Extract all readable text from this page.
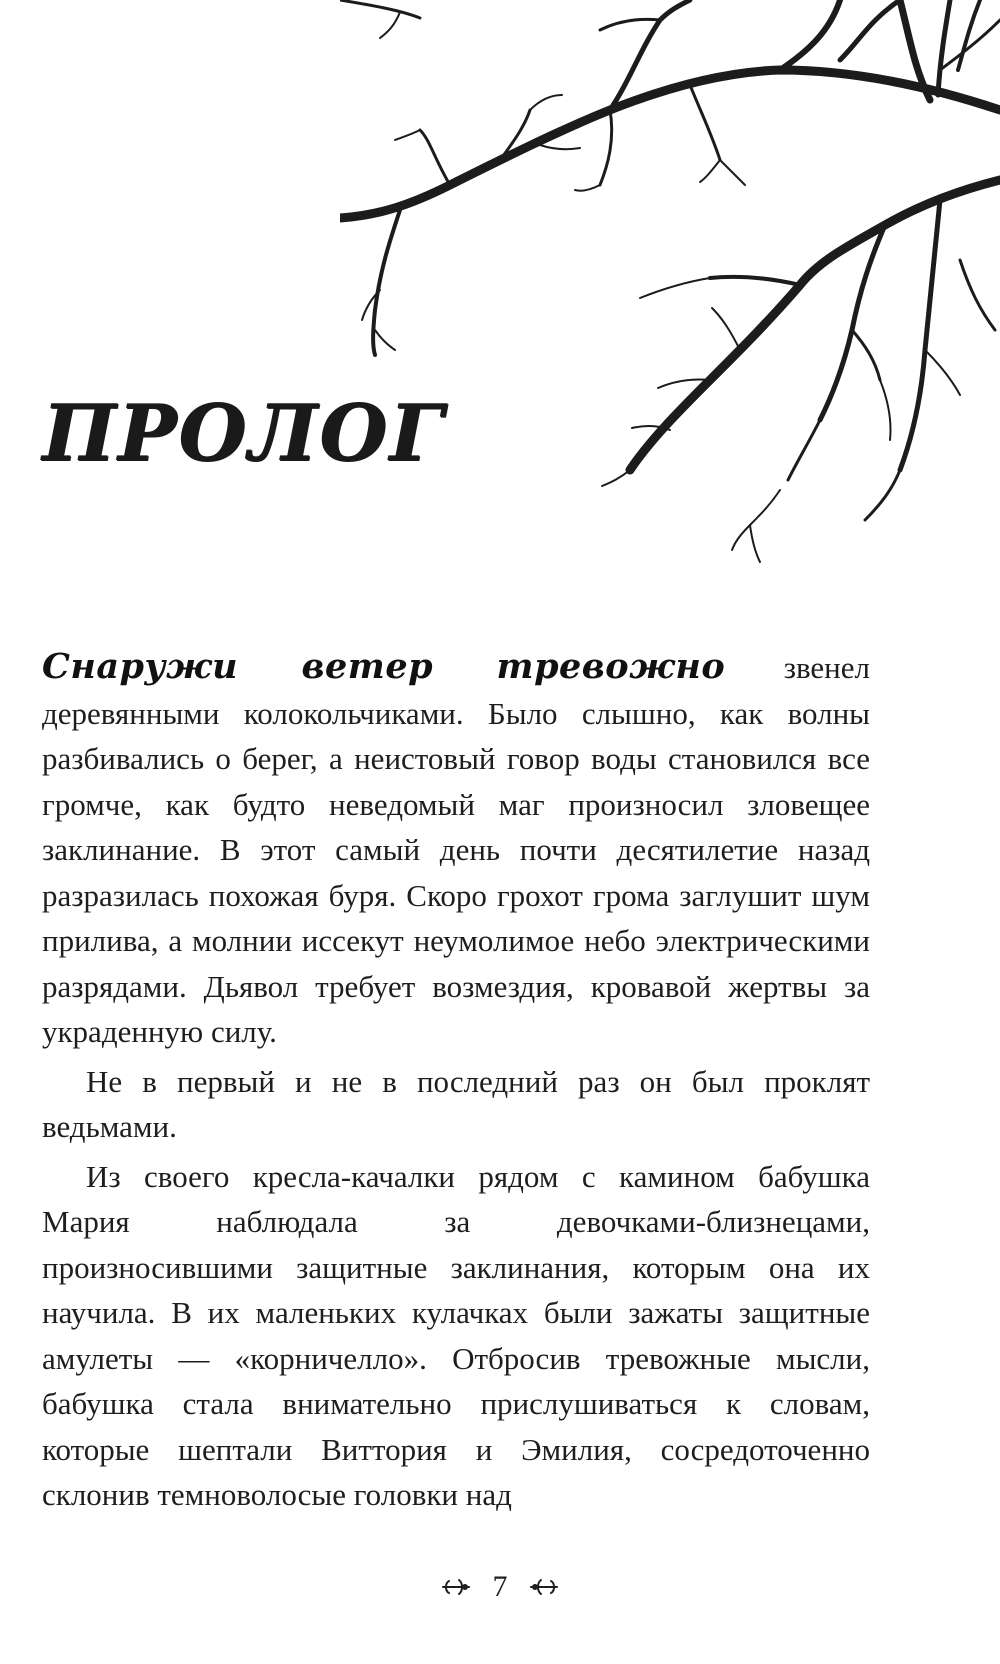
ПРОЛОГ

Снаружи ветер тревожно звенел деревянными колокольчиками. Было слышно, как волны разбивались о берег, а неистовый говор воды становился все громче, как будто неведомый маг произносил зловещее заклинание. В этот самый день почти десятилетие назад разразилась похожая буря. Скоро грохот грома заглушит шум прилива, а молнии иссекут неумолимое небо электрическими разрядами. Дьявол требует возмездия, кровавой жертвы за украденную силу.

Не в первый и не в последний раз он был проклят ведьмами.

Из своего кресла-качалки рядом с камином бабушка Мария наблюдала за девочками-близнецами, произносившими защитные заклинания, которым она их научила. В их маленьких кулачках были зажаты защитные амулеты — «корничелло». Отбросив тревожные мысли, бабушка стала внимательно прислушиваться к словам, которые шептали Виттория и Эмилия, сосредоточенно склонив темноволосые головки над

7
